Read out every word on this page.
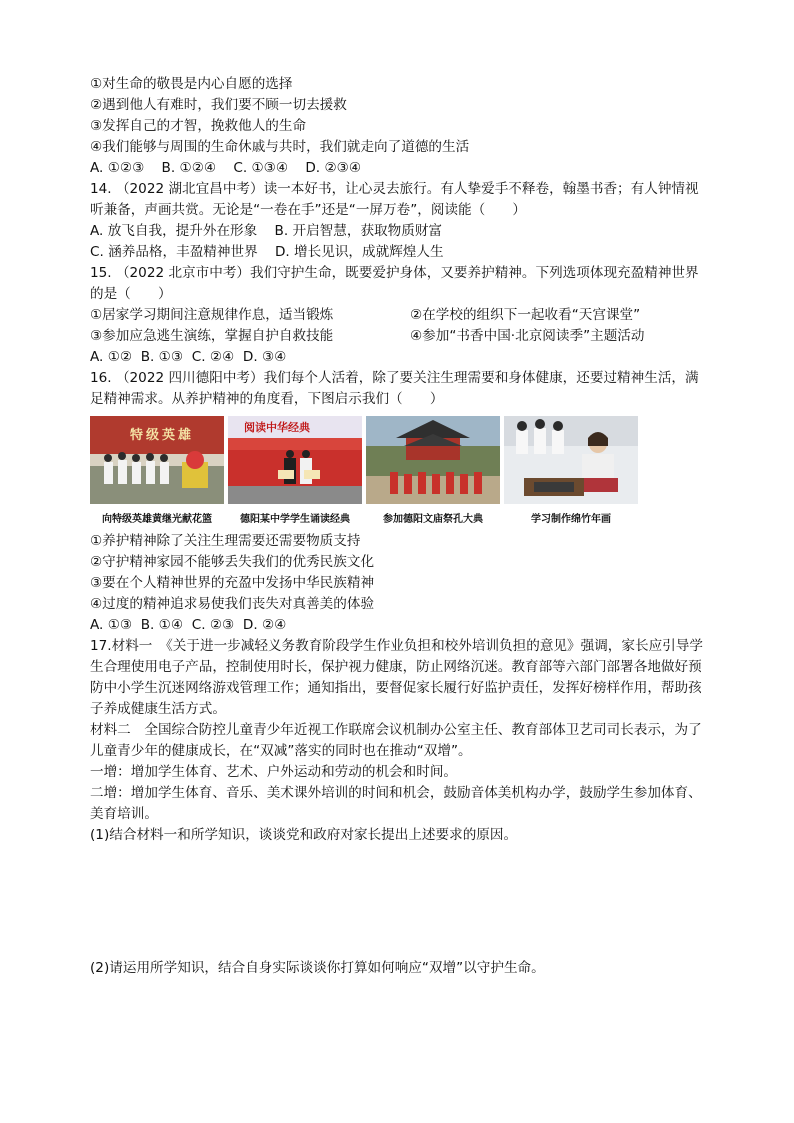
①对生命的敬畏是内心自愿的选择
②遇到他人有难时，我们要不顾一切去援救
③发挥自己的才智，挽救他人的生命
④我们能够与周围的生命休戚与共时，我们就走向了道德的生活
A. ①②③    B. ①②④    C. ①③④    D. ②③④
14. （2022 湖北宜昌中考）读一本好书，让心灵去旅行。有人挚爱手不释卷，翰墨书香；有人钟情视听兼备，声画共赏。无论是“一卷在手”还是“一屏万卷”，阅读能（　　）
A. 放飞自我，提升外在形象    B. 开启智慧，获取物质财富
C. 涵养品格，丰盈精神世界    D. 增长见识，成就辉煌人生
15. （2022 北京市中考）我们守护生命，既要爱护身体，又要养护精神。下列选项体现充盈精神世界的是（　　）
①居家学习期间注意规律作息，适当锻炼	②在学校的组织下一起收看“天宫课堂”
③参加应急逃生演练，掌握自护自救技能	④参加“书香中国·北京阅读季”主题活动
A. ①②  B. ①③  C. ②④  D. ③④
16. （2022 四川德阳中考）我们每个人活着，除了要关注生理需要和身体健康，还要过精神生活，满足精神需求。从养护精神的角度看，下图启示我们（　　）
特级英雄
向特级英雄黄继光献花篮
阅读中华经典
德阳某中学学生诵读经典	参加德阳文庙祭孔大典	学习制作绵竹年画
①养护精神除了关注生理需要还需要物质支持
②守护精神家园不能够丢失我们的优秀民族文化
③要在个人精神世界的充盈中发扬中华民族精神
④过度的精神追求易使我们丧失对真善美的体验
A. ①③  B. ①④  C. ②③  D. ②④
17.材料一　《关于进一步减轻义务教育阶段学生作业负担和校外培训负担的意见》强调，家长应引导学生合理使用电子产品，控制使用时长，保护视力健康，防止网络沉迷。教育部等六部门部署各地做好预防中小学生沉迷网络游戏管理工作；通知指出，要督促家长履行好监护责任，发挥好榜样作用，帮助孩子养成健康生活方式。
材料二　全国综合防控儿童青少年近视工作联席会议机制办公室主任、教育部体卫艺司司长表示，为了儿童青少年的健康成长，在“双减”落实的同时也在推动“双增”。
一增：增加学生体育、艺术、户外运动和劳动的机会和时间。
二增：增加学生体育、音乐、美术课外培训的时间和机会，鼓励音体美机构办学，鼓励学生参加体育、美育培训。
(1)结合材料一和所学知识，谈谈党和政府对家长提出上述要求的原因。
(2)请运用所学知识，结合自身实际谈谈你打算如何响应“双增”以守护生命。
